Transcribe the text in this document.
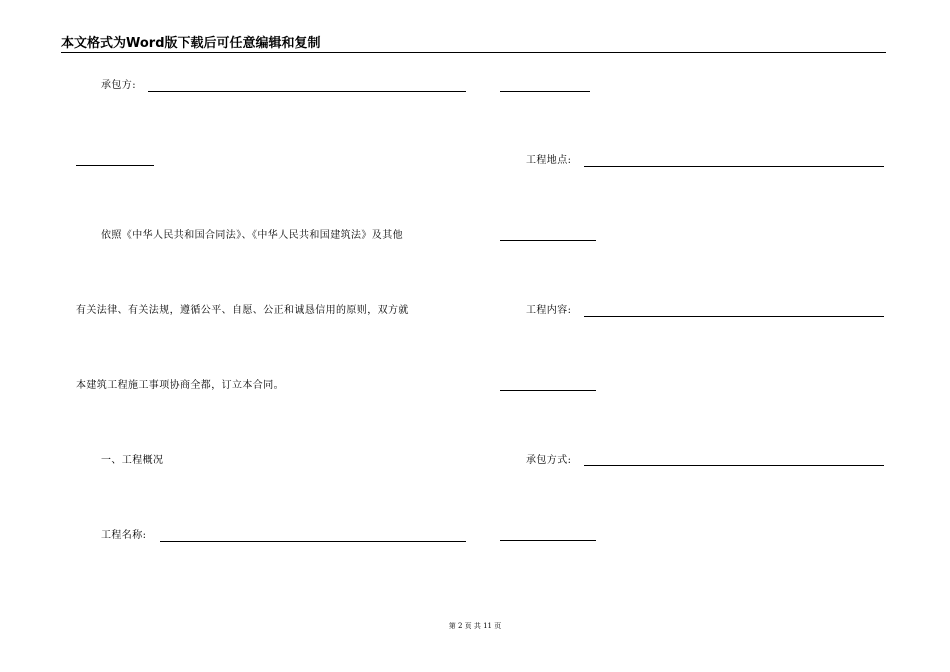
本文格式为Word版下载后可任意编辑和复制
承包方:
依照《中华人民共和国合同法》、《中华人民共和国建筑法》及其他
有关法律、有关法规，遵循公平、自愿、公正和诚恳信用的原则，双方就
本建筑工程施工事项协商全都，订立本合同。
一、工程概况
工程名称:
工程地点:
工程内容:
承包方式:
第 2 页 共 11 页
